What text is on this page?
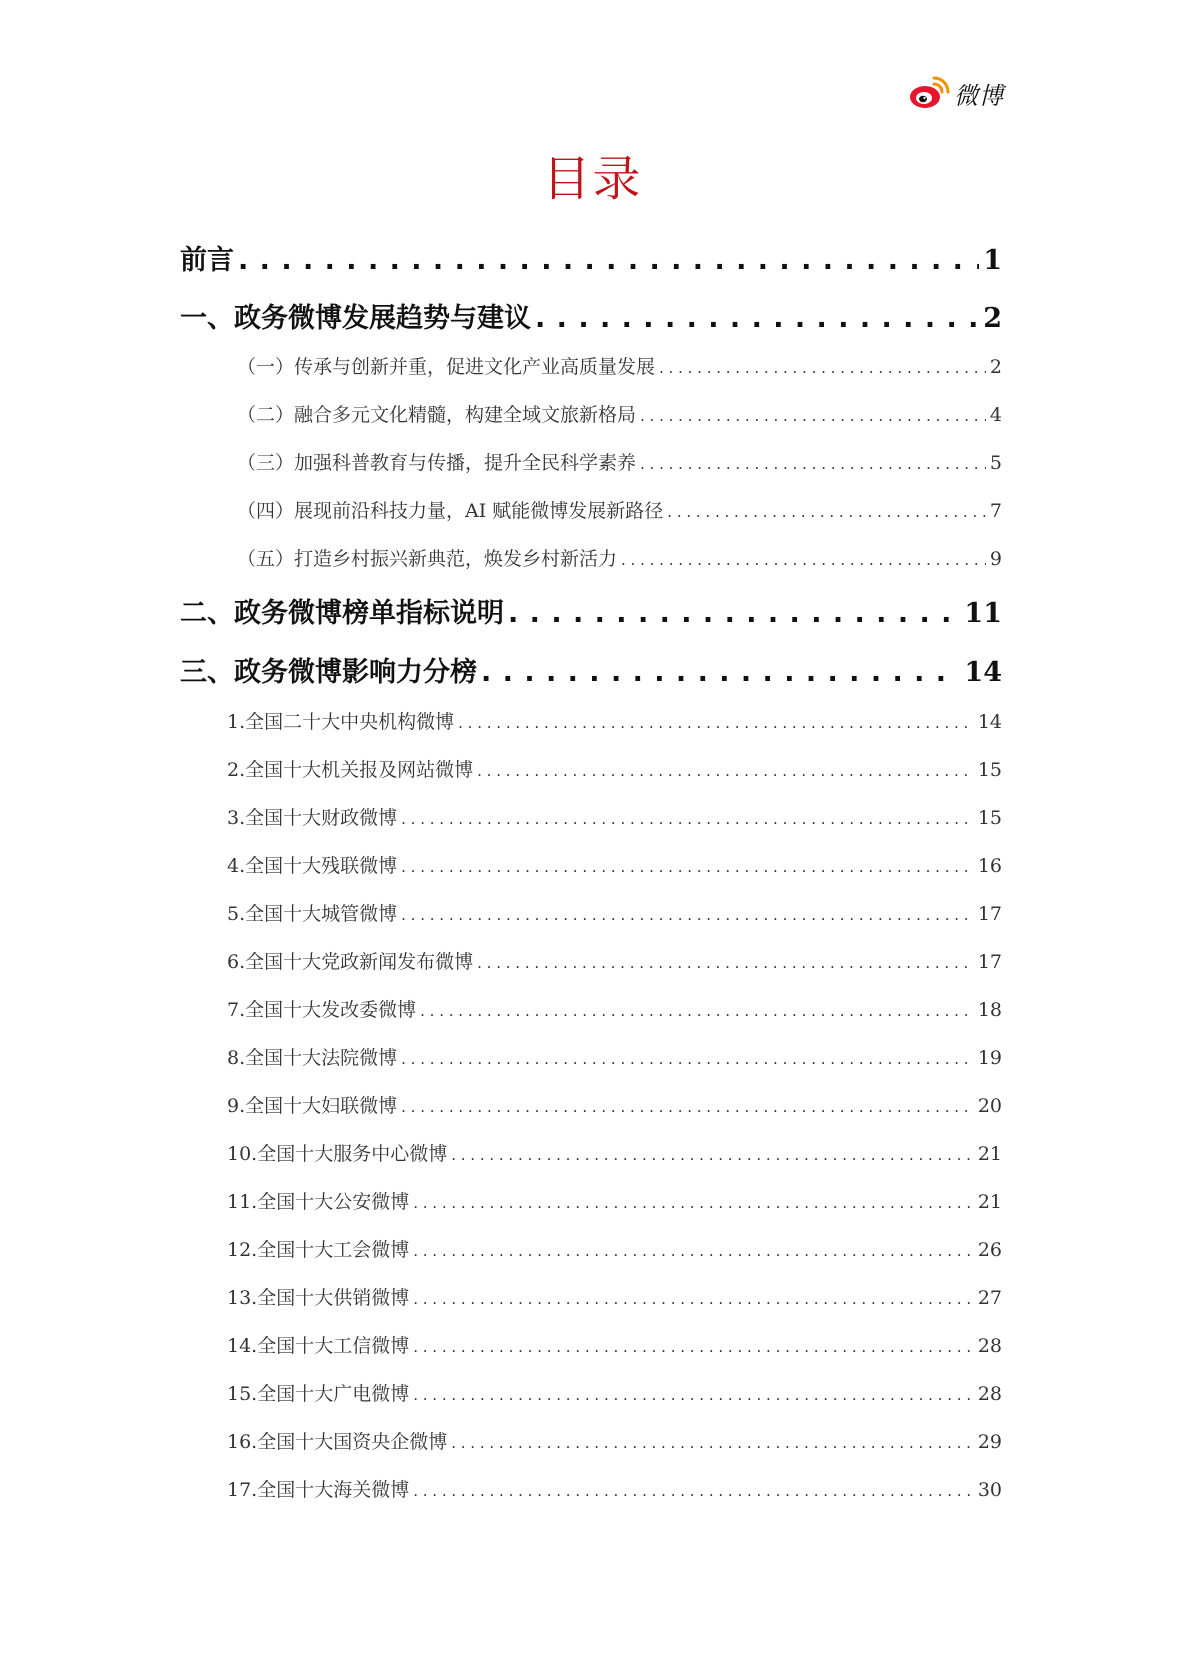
微博
目录
前言 . . .	1
一、政务微博发展趋势与建议 . . .	2
（一）传承与创新并重，促进文化产业高质量发展 . . .	2
（二）融合多元文化精髓，构建全域文旅新格局 . . .	4
（三）加强科普教育与传播，提升全民科学素养 . . .	5
（四）展现前沿科技力量，AI 赋能微博发展新路径 . . .	7
（五）打造乡村振兴新典范，焕发乡村新活力 . . .	9
二、政务微博榜单指标说明 . . .	11
三、政务微博影响力分榜 . . .	14
1.全国二十大中央机构微博 . . .	14
2.全国十大机关报及网站微博 . . .	15
3.全国十大财政微博 . . .	15
4.全国十大残联微博 . . .	16
5.全国十大城管微博 . . .	17
6.全国十大党政新闻发布微博 . . .	17
7.全国十大发改委微博 . . .	18
8.全国十大法院微博 . . .	19
9.全国十大妇联微博 . . .	20
10.全国十大服务中心微博 . . .	21
11.全国十大公安微博 . . .	21
12.全国十大工会微博 . . .	26
13.全国十大供销微博 . . .	27
14.全国十大工信微博 . . .	28
15.全国十大广电微博 . . .	28
16.全国十大国资央企微博 . . .	29
17.全国十大海关微博 . . .	30
